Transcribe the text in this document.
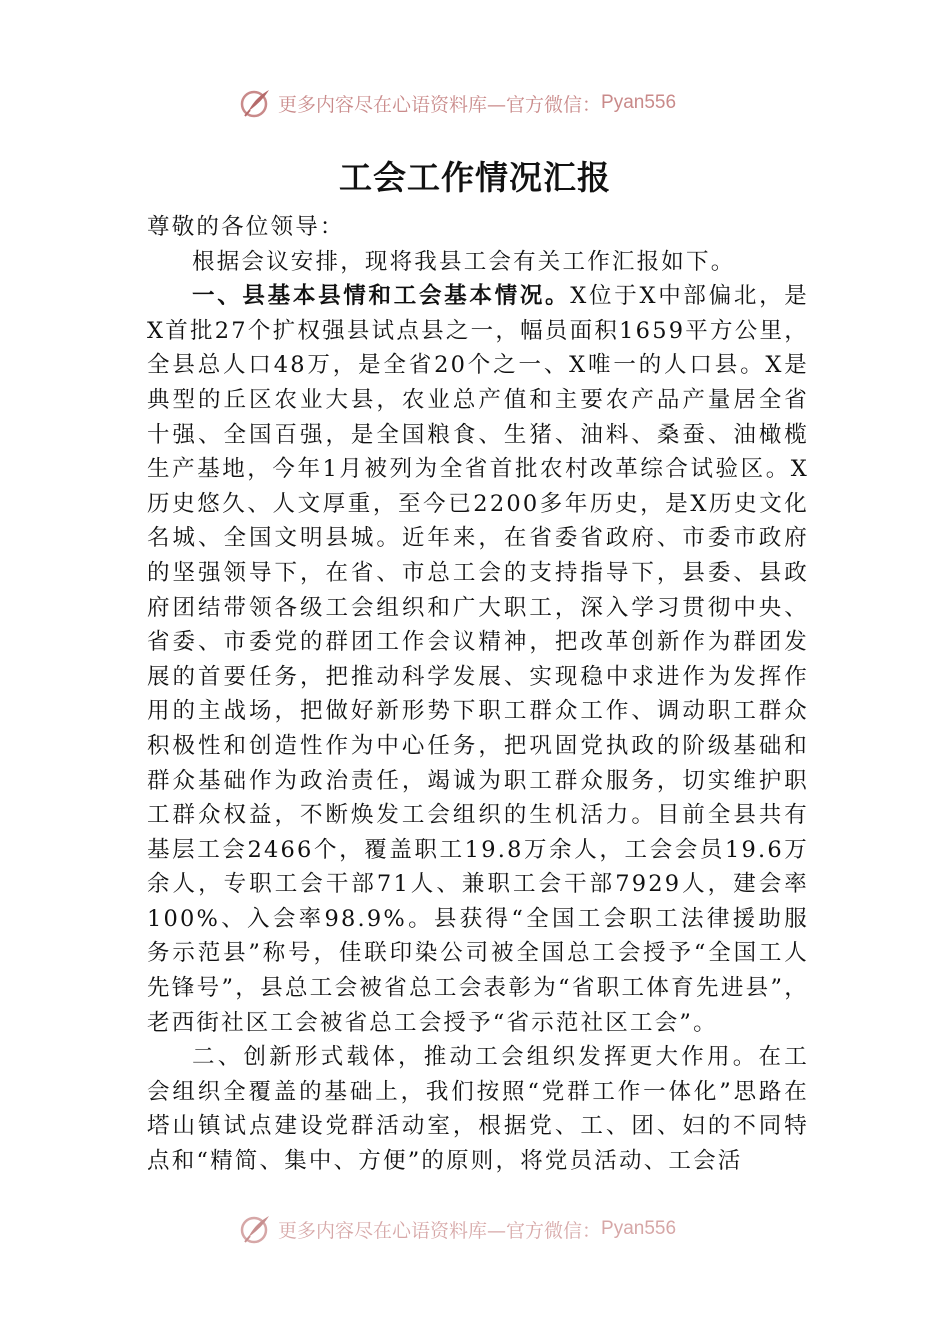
更多内容尽在心语资料库—官方微信： Pyan556
工会工作情况汇报

尊敬的各位领导：

根据会议安排，现将我县工会有关工作汇报如下。

一、县基本县情和工会基本情况。X位于X中部偏北，是X首批27个扩权强县试点县之一，幅员面积1659平方公里，全县总人口48万，是全省20个之一、X唯一的人口县。X是典型的丘区农业大县，农业总产值和主要农产品产量居全省十强、全国百强，是全国粮食、生猪、油料、桑蚕、油橄榄生产基地，今年1月被列为全省首批农村改革综合试验区。X历史悠久、人文厚重，至今已2200多年历史，是X历史文化名城、全国文明县城。近年来，在省委省政府、市委市政府的坚强领导下，在省、市总工会的支持指导下，县委、县政府团结带领各级工会组织和广大职工，深入学习贯彻中央、省委、市委党的群团工作会议精神，把改革创新作为群团发展的首要任务，把推动科学发展、实现稳中求进作为发挥作用的主战场，把做好新形势下职工群众工作、调动职工群众积极性和创造性作为中心任务，把巩固党执政的阶级基础和群众基础作为政治责任，竭诚为职工群众服务，切实维护职工群众权益，不断焕发工会组织的生机活力。目前全县共有基层工会2466个，覆盖职工19.8万余人，工会会员19.6万余人，专职工会干部71人、兼职工会干部7929人，建会率100%、入会率98.9%。县获得“全国工会职工法律援助服务示范县”称号，佳联印染公司被全国总工会授予“全国工人先锋号”，县总工会被省总工会表彰为“省职工体育先进县”，老西街社区工会被省总工会授予“省示范社区工会”。

二、创新形式载体，推动工会组织发挥更大作用。在工会组织全覆盖的基础上，我们按照“党群工作一体化”思路在塔山镇试点建设党群活动室，根据党、工、团、妇的不同特点和“精简、集中、方便”的原则，将党员活动、工会活

更多内容尽在心语资料库—官方微信： Pyan556
